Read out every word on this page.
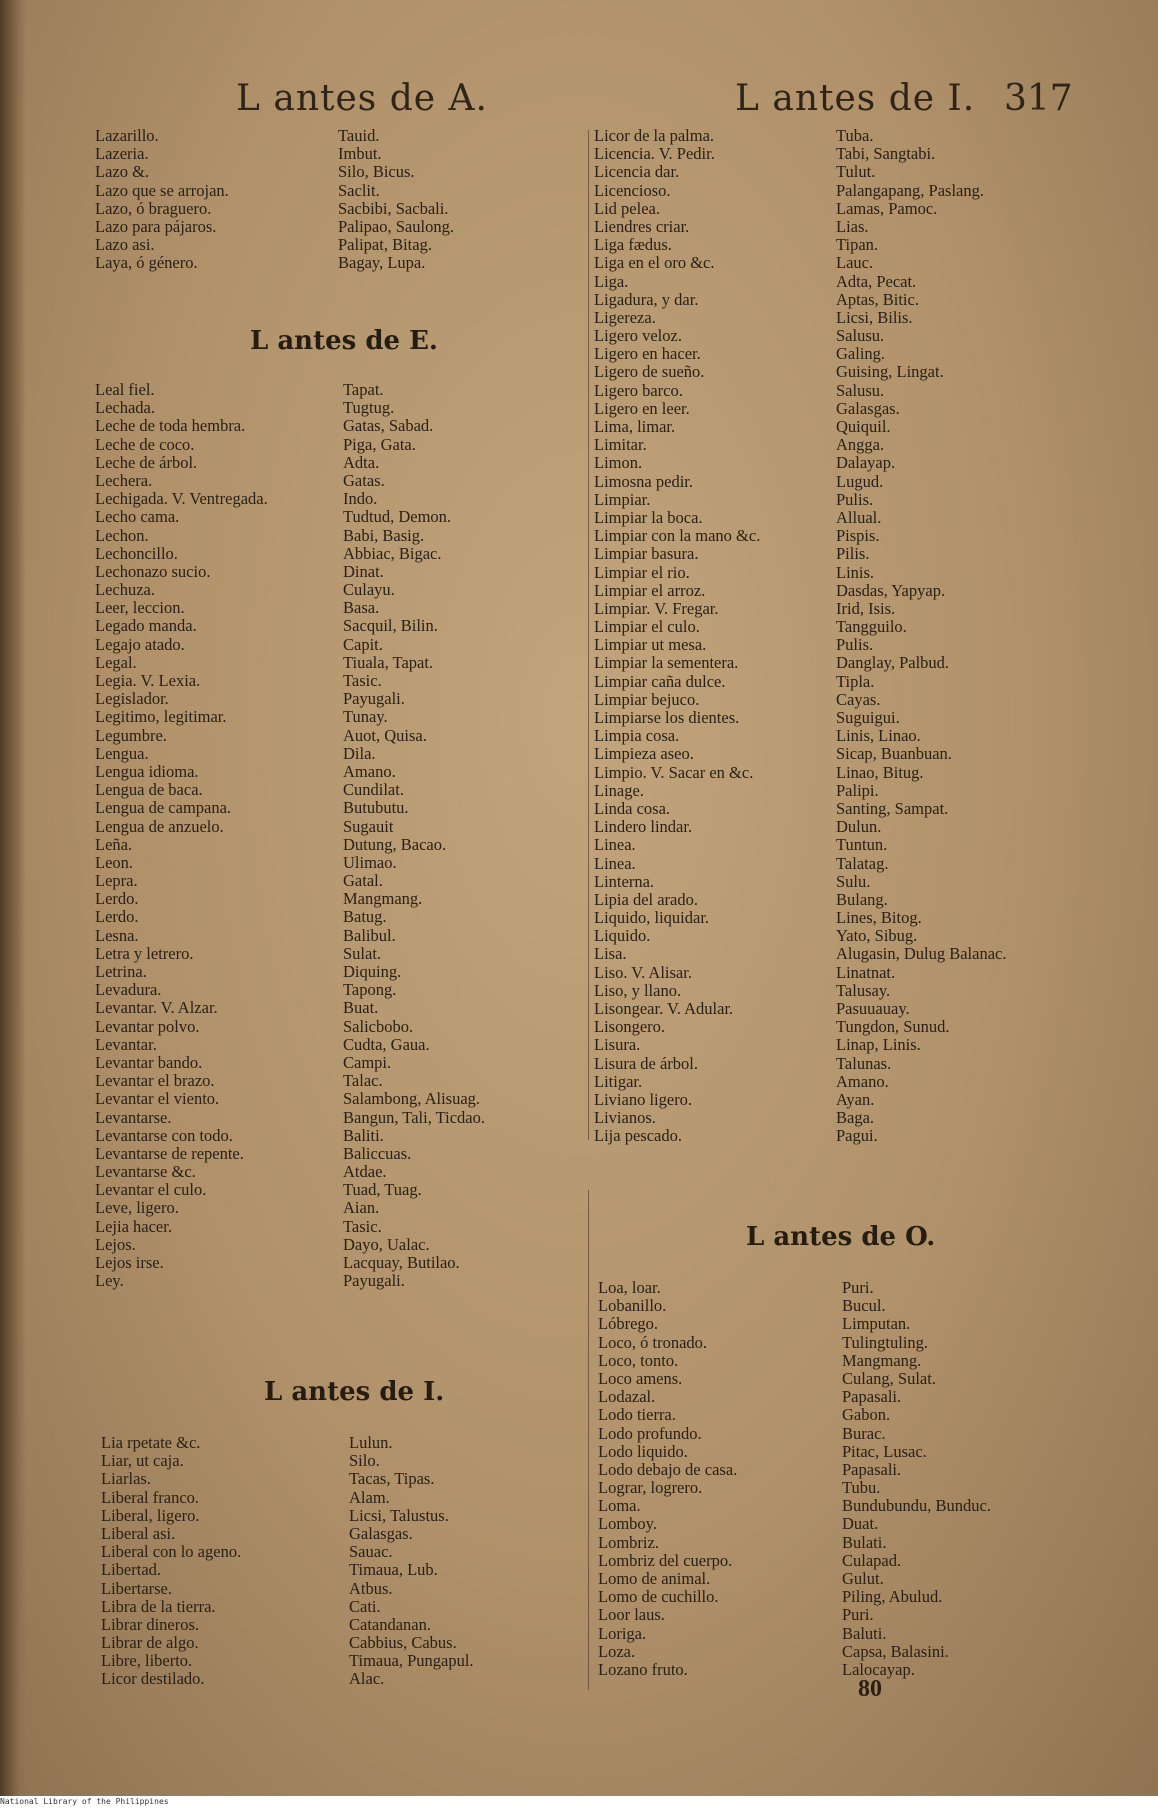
L antes de A.	L antes de I. 317
Lazarillo.	Tauid.
Lazeria.	Imbut.
Lazo &.	Silo, Bicus.
Lazo que se arrojan.	Saclit.
Lazo, ó braguero.	Sacbibi, Sacbali.
Lazo para pájaros.	Palipao, Saulong.
Lazo asi.	Palipat, Bitag.
Laya, ó género.	Bagay, Lupa.
L antes de E.
Leal fiel.	Tapat.
Lechada.	Tugtug.
Leche de toda hembra.	Gatas, Sabad.
Leche de coco.	Piga, Gata.
Leche de árbol.	Adta.
Lechera.	Gatas.
Lechigada. V. Ventregada.	Indo.
Lecho cama.	Tudtud, Demon.
Lechon.	Babi, Basig.
Lechoncillo.	Abbiac, Bigac.
Lechonazo sucio.	Dinat.
Lechuza.	Culayu.
Leer, leccion.	Basa.
Legado manda.	Sacquil, Bilin.
Legajo atado.	Capit.
Legal.	Tiuala, Tapat.
Legia. V. Lexia.	Tasic.
Legislador.	Payugali.
Legitimo, legitimar.	Tunay.
Legumbre.	Auot, Quisa.
Lengua.	Dila.
Lengua idioma.	Amano.
Lengua de baca.	Cundilat.
Lengua de campana.	Butubutu.
Lengua de anzuelo.	Sugauit
Leña.	Dutung, Bacao.
Leon.	Ulimao.
Lepra.	Gatal.
Lerdo.	Mangmang.
Lerdo.	Batug.
Lesna.	Balibul.
Letra y letrero.	Sulat.
Letrina.	Diquing.
Levadura.	Tapong.
Levantar. V. Alzar.	Buat.
Levantar polvo.	Salicbobo.
Levantar.	Cudta, Gaua.
Levantar bando.	Campi.
Levantar el brazo.	Talac.
Levantar el viento.	Salambong, Alisuag.
Levantarse.	Bangun, Tali, Ticdao.
Levantarse con todo.	Baliti.
Levantarse de repente.	Baliccuas.
Levantarse &c.	Atdae.
Levantar el culo.	Tuad, Tuag.
Leve, ligero.	Aian.
Lejia hacer.	Tasic.
Lejos.	Dayo, Ualac.
Lejos irse.	Lacquay, Butilao.
Ley.	Payugali.
L antes de I.
Lia rpetate &c.	Lulun.
Liar, ut caja.	Silo.
Liarlas.	Tacas, Tipas.
Liberal franco.	Alam.
Liberal, ligero.	Licsi, Talustus.
Liberal asi.	Galasgas.
Liberal con lo ageno.	Sauac.
Libertad.	Timaua, Lub.
Libertarse.	Atbus.
Libra de la tierra.	Cati.
Librar dineros.	Catandanan.
Librar de algo.	Cabbius, Cabus.
Libre, liberto.	Timaua, Pungapul.
Licor destilado.	Alac.
Licor de la palma.	Tuba.
Licencia. V. Pedir.	Tabi, Sangtabi.
Licencia dar.	Tulut.
Licencioso.	Palangapang, Paslang.
Lid pelea.	Lamas, Pamoc.
Liendres criar.	Lias.
Liga fædus.	Tipan.
Liga en el oro &c.	Lauc.
Liga.	Adta, Pecat.
Ligadura, y dar.	Aptas, Bitic.
Ligereza.	Licsi, Bilis.
Ligero veloz.	Salusu.
Ligero en hacer.	Galing.
Ligero de sueño.	Guising, Lingat.
Ligero barco.	Salusu.
Ligero en leer.	Galasgas.
Lima, limar.	Quiquil.
Limitar.	Angga.
Limon.	Dalayap.
Limosna pedir.	Lugud.
Limpiar.	Pulis.
Limpiar la boca.	Allual.
Limpiar con la mano &c.	Pispis.
Limpiar basura.	Pilis.
Limpiar el rio.	Linis.
Limpiar el arroz.	Dasdas, Yapyap.
Limpiar. V. Fregar.	Irid, Isis.
Limpiar el culo.	Tangguilo.
Limpiar ut mesa.	Pulis.
Limpiar la sementera.	Danglay, Palbud.
Limpiar caña dulce.	Tipla.
Limpiar bejuco.	Cayas.
Limpiarse los dientes.	Suguigui.
Limpia cosa.	Linis, Linao.
Limpieza aseo.	Sicap, Buanbuan.
Limpio. V. Sacar en &c.	Linao, Bitug.
Linage.	Palipi.
Linda cosa.	Santing, Sampat.
Lindero lindar.	Dulun.
Linea.	Tuntun.
Linea.	Talatag.
Linterna.	Sulu.
Lipia del arado.	Bulang.
Liquido, liquidar.	Lines, Bitog.
Liquido.	Yato, Sibug.
Lisa.	Alugasin, Dulug Balanac.
Liso. V. Alisar.	Linatnat.
Liso, y llano.	Talusay.
Lisongear. V. Adular.	Pasuuauay.
Lisongero.	Tungdon, Sunud.
Lisura.	Linap, Linis.
Lisura de árbol.	Talunas.
Litigar.	Amano.
Liviano ligero.	Ayan.
Livianos.	Baga.
Lija pescado.	Pagui.
L antes de O.
Loa, loar.	Puri.
Lobanillo.	Bucul.
Lóbrego.	Limputan.
Loco, ó tronado.	Tulingtuling.
Loco, tonto.	Mangmang.
Loco amens.	Culang, Sulat.
Lodazal.	Papasali.
Lodo tierra.	Gabon.
Lodo profundo.	Burac.
Lodo liquido.	Pitac, Lusac.
Lodo debajo de casa.	Papasali.
Lograr, logrero.	Tubu.
Loma.	Bundubundu, Bunduc.
Lomboy.	Duat.
Lombriz.	Bulati.
Lombriz del cuerpo.	Culapad.
Lomo de animal.	Gulut.
Lomo de cuchillo.	Piling, Abulud.
Loor laus.	Puri.
Loriga.	Baluti.
Loza.	Capsa, Balasini.
Lozano fruto.	Lalocayap.
80
National Library of the Philippines
